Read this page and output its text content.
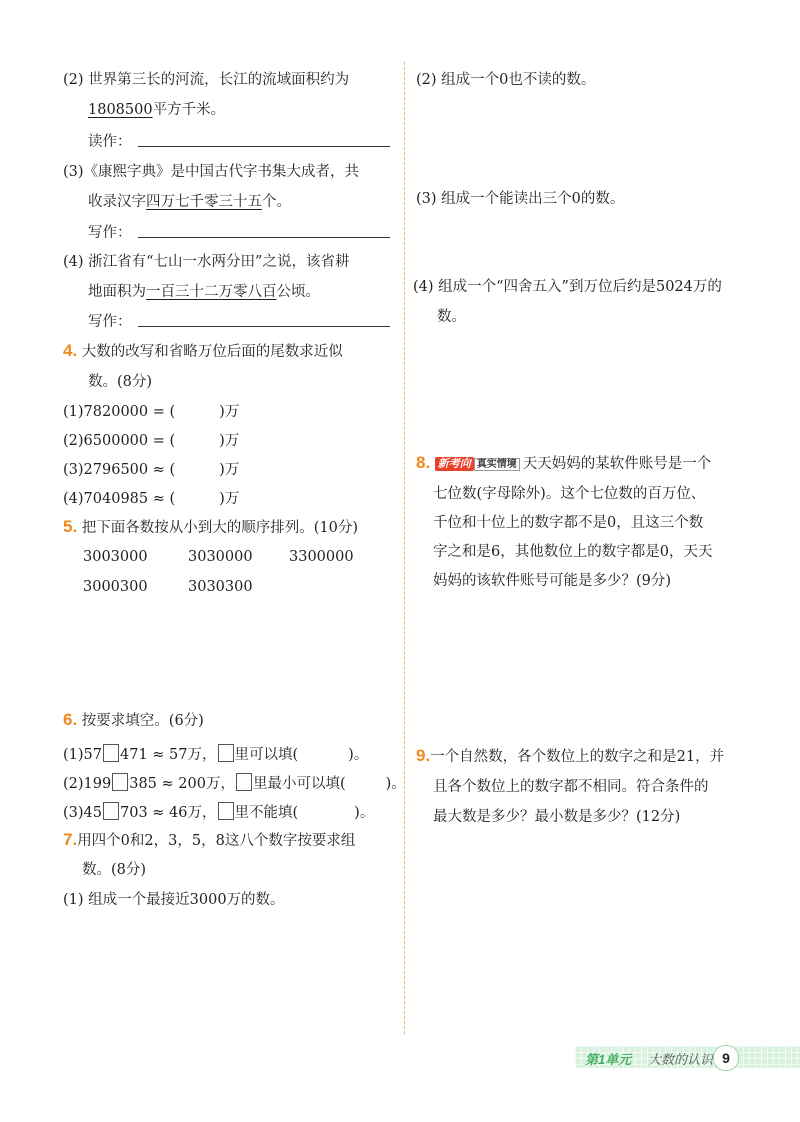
(2) 世界第三长的河流，长江的流域面积约为
1808500平方千米。
读作：
(3)《康熙字典》是中国古代字书集大成者，共
收录汉字四万七千零三十五个。
写作：
(4) 浙江省有“七山一水两分田”之说，该省耕
地面积为一百三十二万零八百公顷。
写作：
4. 大数的改写和省略万位后面的尾数求近似
数。(8分)
(1)7820000 = (	)万
(2)6500000 = (	)万
(3)2796500 ≈ (	)万
(4)7040985 ≈ (	)万
5. 把下面各数按从小到大的顺序排列。(10分)
3003000	3030000	3300000
3000300	3030300
6. 按要求填空。(6分)
(1)57 471 ≈ 57万， 里可以填(	)。
(2)199 385 ≈ 200万， 里最小可以填(	)。
(3)45 703 ≈ 46万， 里不能填(	)。
7.用四个0和2，3，5，8这八个数字按要求组
数。(8分)
(1) 组成一个最接近3000万的数。
(2) 组成一个0也不读的数。
(3) 组成一个能读出三个0的数。
(4) 组成一个“四舍五入”到万位后约是5024万的
数。
8. 新考向 真实情境 天天妈妈的某软件账号是一个
七位数(字母除外)。这个七位数的百万位、
千位和十位上的数字都不是0，且这三个数
字之和是6，其他数位上的数字都是0，天天
妈妈的该软件账号可能是多少？(9分)
9.一个自然数，各个数位上的数字之和是21，并
且各个数位上的数字都不相同。符合条件的
最大数是多少？最小数是多少？(12分)
第1单元 大数的认识 9
